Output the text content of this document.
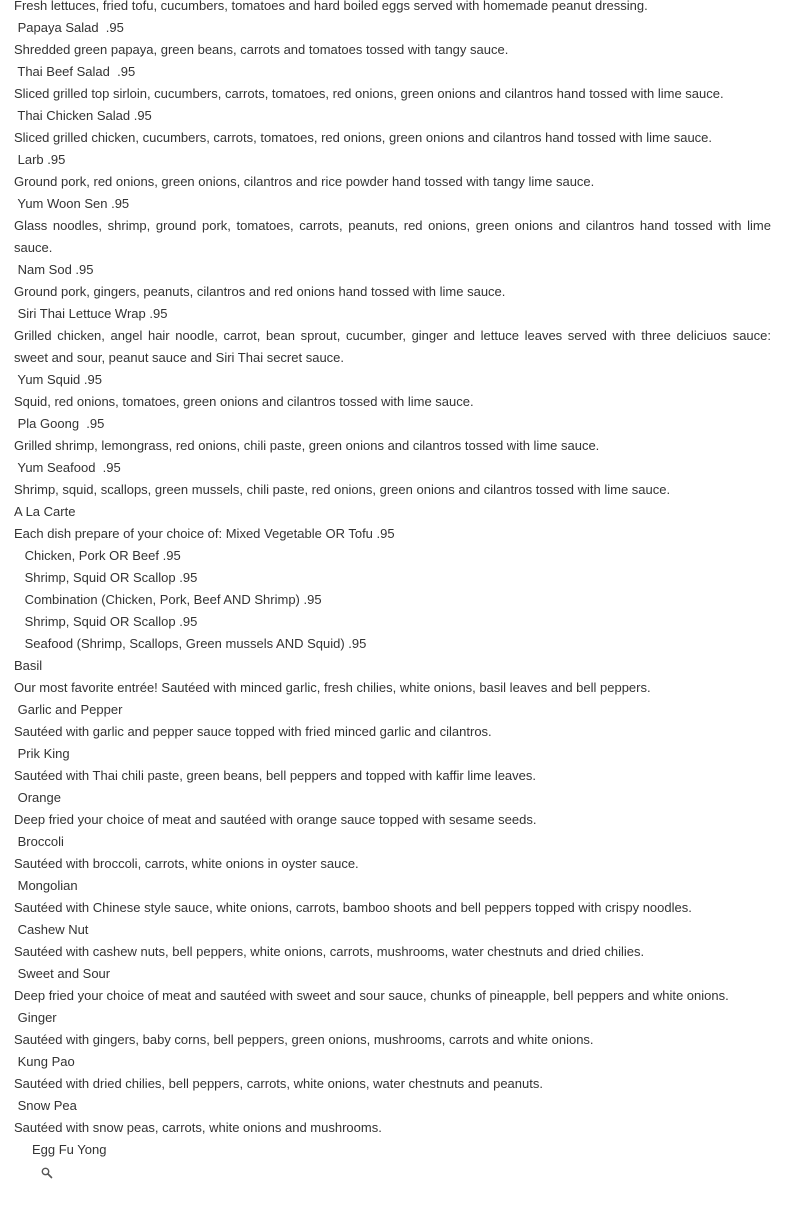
Fresh lettuces, fried tofu, cucumbers, tomatoes and hard boiled eggs served with homemade peanut dressing.
Papaya Salad  .95
Shredded green papaya, green beans, carrots and tomatoes tossed with tangy sauce.
Thai Beef Salad  .95
Sliced grilled top sirloin, cucumbers, carrots, tomatoes, red onions, green onions and cilantros hand tossed with lime sauce.
Thai Chicken Salad .95
Sliced grilled chicken, cucumbers, carrots, tomatoes, red onions, green onions and cilantros hand tossed with lime sauce.
Larb .95
Ground pork, red onions, green onions, cilantros and rice powder hand tossed with tangy lime sauce.
Yum Woon Sen .95
Glass noodles, shrimp, ground pork, tomatoes, carrots, peanuts, red onions, green onions and cilantros hand tossed with lime sauce.
Nam Sod .95
Ground pork, gingers, peanuts, cilantros and red onions hand tossed with lime sauce.
Siri Thai Lettuce Wrap .95
Grilled chicken, angel hair noodle, carrot, bean sprout, cucumber, ginger and lettuce leaves served with three deliciuos sauce: sweet and sour, peanut sauce and Siri Thai secret sauce.
Yum Squid .95
Squid, red onions, tomatoes, green onions and cilantros tossed with lime sauce.
Pla Goong  .95
Grilled shrimp, lemongrass, red onions, chili paste, green onions and cilantros tossed with lime sauce.
Yum Seafood  .95
Shrimp, squid, scallops, green mussels, chili paste, red onions, green onions and cilantros tossed with lime sauce.
A La Carte
Each dish prepare of your choice of: Mixed Vegetable OR Tofu .95
Chicken, Pork OR Beef .95
Shrimp, Squid OR Scallop .95
Combination (Chicken, Pork, Beef AND Shrimp) .95
Shrimp, Squid OR Scallop .95
Seafood (Shrimp, Scallops, Green mussels AND Squid) .95
Basil
Our most favorite entrée! Sautéed with minced garlic, fresh chilies, white onions, basil leaves and bell peppers.
Garlic and Pepper
Sautéed with garlic and pepper sauce topped with fried minced garlic and cilantros.
Prik King
Sautéed with Thai chili paste, green beans, bell peppers and topped with kaffir lime leaves.
Orange
Deep fried your choice of meat and sautéed with orange sauce topped with sesame seeds.
Broccoli
Sautéed with broccoli, carrots, white onions in oyster sauce.
Mongolian
Sautéed with Chinese style sauce, white onions, carrots, bamboo shoots and bell peppers topped with crispy noodles.
Cashew Nut
Sautéed with cashew nuts, bell peppers, white onions, carrots, mushrooms, water chestnuts and dried chilies.
Sweet and Sour
Deep fried your choice of meat and sautéed with sweet and sour sauce, chunks of pineapple, bell peppers and white onions.
Ginger
Sautéed with gingers, baby corns, bell peppers, green onions, mushrooms, carrots and white onions.
Kung Pao
Sautéed with dried chilies, bell peppers, carrots, white onions, water chestnuts and peanuts.
Snow Pea
Sautéed with snow peas, carrots, white onions and mushrooms.

Egg Fu Yong
